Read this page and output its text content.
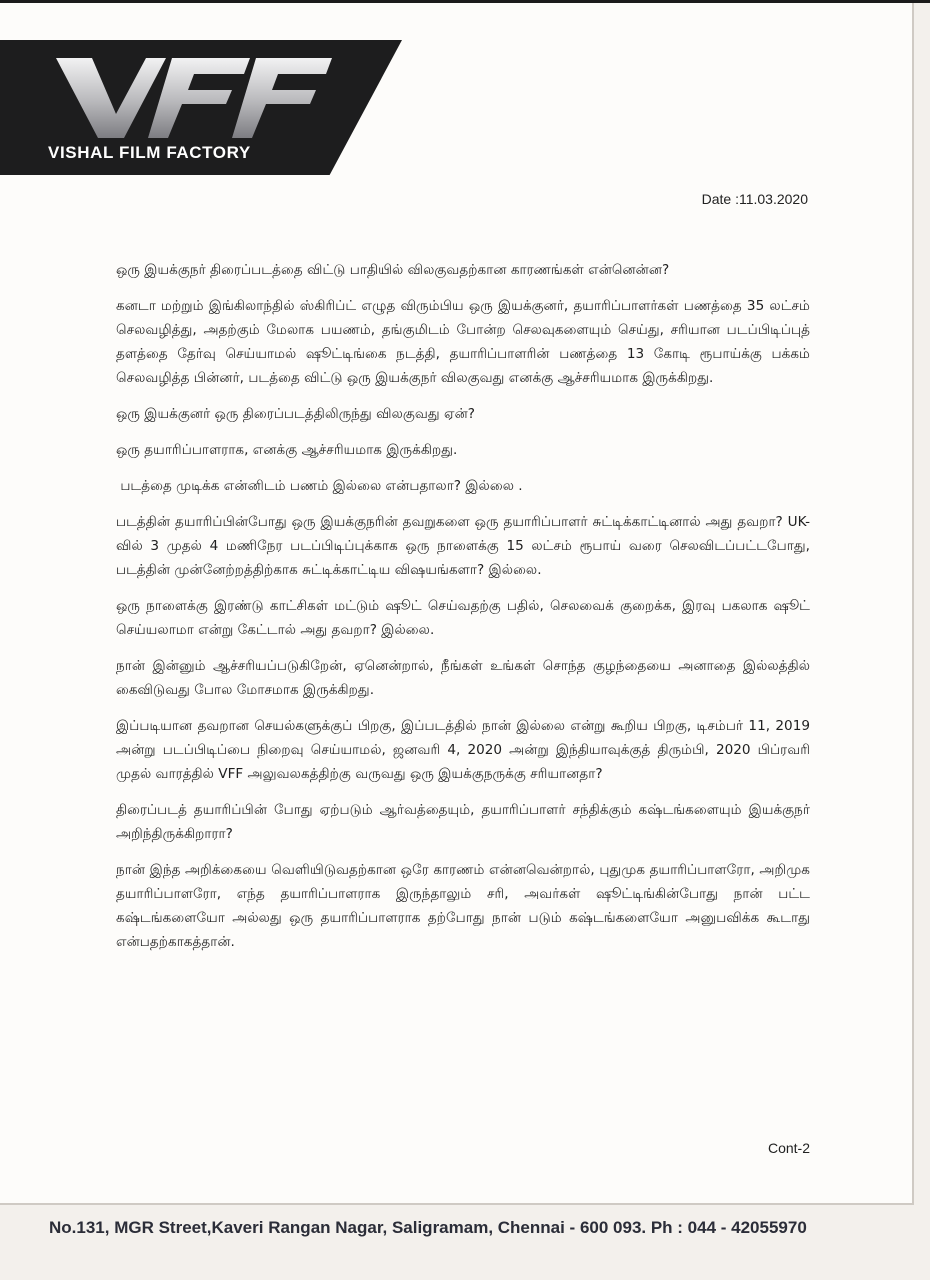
VISHAL FILM FACTORY
Date :11.03.2020

ஒரு இயக்குநர் திரைப்படத்தை விட்டு பாதியில் விலகுவதற்கான காரணங்கள் என்னென்ன?

கனடா மற்றும் இங்கிலாந்தில் ஸ்கிரிப்ட் எழுத விரும்பிய ஒரு இயக்குனர், தயாரிப்பாளர்கள் பணத்தை 35 லட்சம் செலவழித்து, அதற்கும் மேலாக பயணம், தங்குமிடம் போன்ற செலவுகளையும் செய்து, சரியான படப்பிடிப்புத் தளத்தை தேர்வு செய்யாமல் ஷூட்டிங்கை நடத்தி, தயாரிப்பாளரின் பணத்தை 13 கோடி ரூபாய்க்கு பக்கம் செலவழித்த பின்னர், படத்தை விட்டு ஒரு இயக்குநர் விலகுவது எனக்கு ஆச்சரியமாக இருக்கிறது.

ஒரு இயக்குனர் ஒரு திரைப்படத்திலிருந்து விலகுவது ஏன்?

ஒரு தயாரிப்பாளராக, எனக்கு ஆச்சரியமாக இருக்கிறது.

படத்தை முடிக்க என்னிடம் பணம் இல்லை என்பதாலா? இல்லை .

படத்தின் தயாரிப்பின்போது ஒரு இயக்குநரின் தவறுகளை ஒரு தயாரிப்பாளர் சுட்டிக்காட்டினால் அது தவறா? UK-வில் 3 முதல் 4 மணிநேர படப்பிடிப்புக்காக ஒரு நாளைக்கு 15 லட்சம் ரூபாய் வரை செலவிடப்பட்டபோது, படத்தின் முன்னேற்றத்திற்காக சுட்டிக்காட்டிய விஷயங்களா? இல்லை.

ஒரு நாளைக்கு இரண்டு காட்சிகள் மட்டும் ஷூட் செய்வதற்கு பதில், செலவைக் குறைக்க, இரவு பகலாக ஷூட் செய்யலாமா என்று கேட்டால் அது தவறா? இல்லை.

நான் இன்னும் ஆச்சரியப்படுகிறேன், ஏனென்றால், நீங்கள் உங்கள் சொந்த குழந்தையை அனாதை இல்லத்தில் கைவிடுவது போல மோசமாக இருக்கிறது.

இப்படியான தவறான செயல்களுக்குப் பிறகு, இப்படத்தில் நான் இல்லை என்று கூறிய பிறகு, டிசம்பர் 11, 2019 அன்று படப்பிடிப்பை நிறைவு செய்யாமல், ஜனவரி 4, 2020 அன்று இந்தியாவுக்குத் திரும்பி, 2020 பிப்ரவரி முதல் வாரத்தில் VFF அலுவலகத்திற்கு வருவது ஒரு இயக்குநருக்கு சரியானதா?

திரைப்படத் தயாரிப்பின் போது ஏற்படும் ஆர்வத்தையும், தயாரிப்பாளர் சந்திக்கும் கஷ்டங்களையும் இயக்குநர் அறிந்திருக்கிறாரா?

நான் இந்த அறிக்கையை வெளியிடுவதற்கான ஒரே காரணம் என்னவென்றால், புதுமுக தயாரிப்பாளரோ, அறிமுக தயாரிப்பாளரோ, எந்த தயாரிப்பாளராக இருந்தாலும் சரி, அவர்கள் ஷூட்டிங்கின்போது நான் பட்ட கஷ்டங்களையோ அல்லது ஒரு தயாரிப்பாளராக தற்போது நான் படும் கஷ்டங்களையோ அனுபவிக்க கூடாது என்பதற்காகத்தான்.

Cont-2
No.131, MGR Street,Kaveri Rangan Nagar, Saligramam, Chennai - 600 093. Ph : 044 - 42055970
